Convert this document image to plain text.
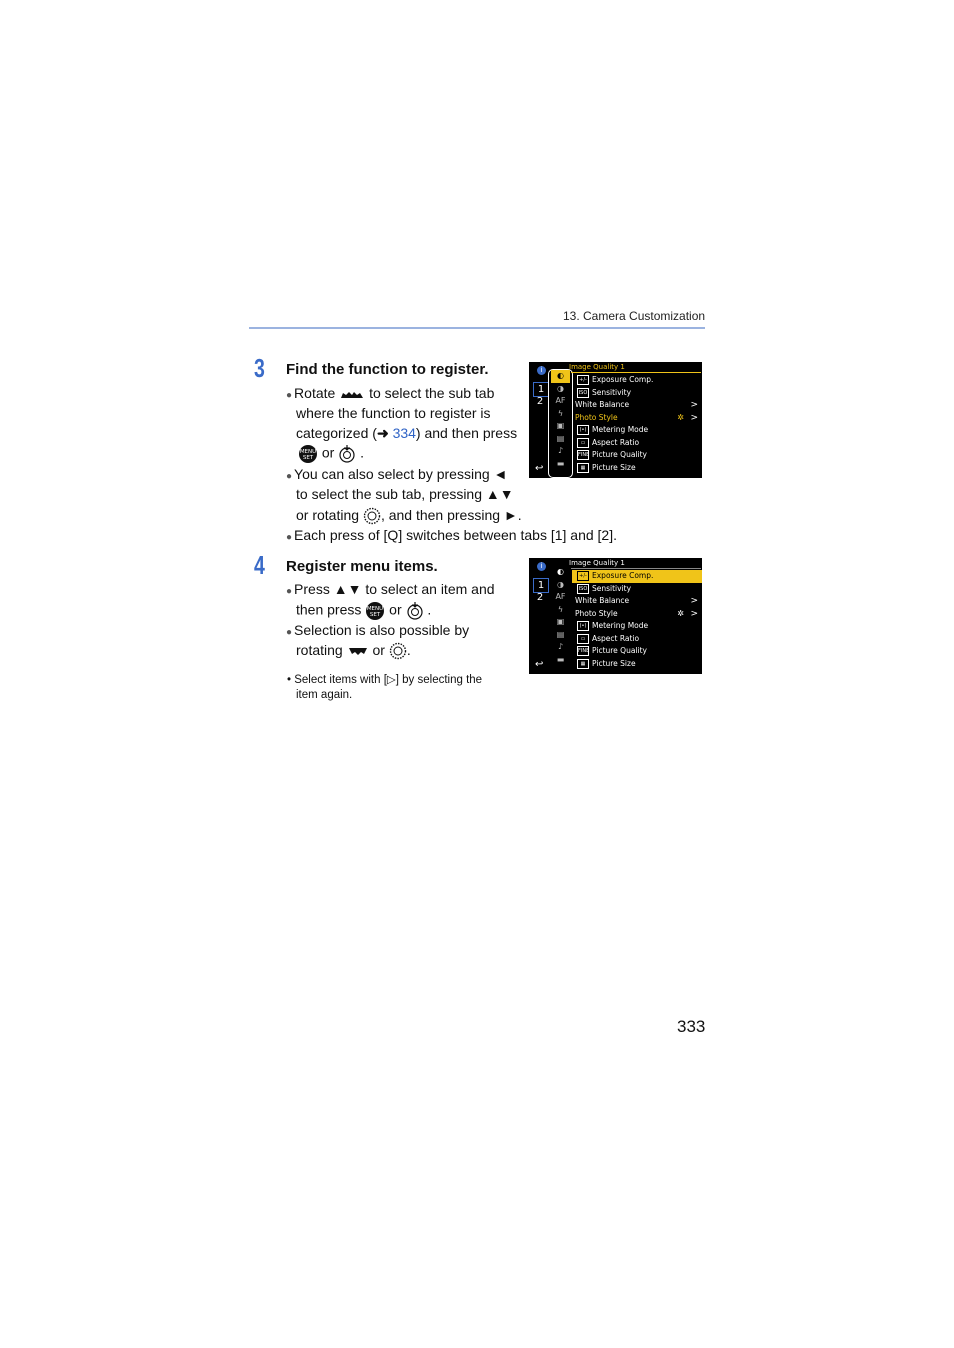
13. Camera Customization
3 Find the function to register.
● Rotate  to select the sub tab
where the function to register is
categorized (➜ 334) and then press
MENU
SET or  .
● You can also select by pressing ◄
to select the sub tab, pressing ▲▼
or rotating , and then pressing ►.
● Each press of [Q] switches between tabs [1] and [2].
i
1
2
◐
◑
AF
ϟ
▣
▤
♪
▬
Image Quality 1
+/- Exposure Comp.
ISO Sensitivity
White Balance	>
Photo Style	✲ >
(•) Metering Mode
▭ Aspect Ratio
FINE Picture Quality
▦ Picture Size
↩
4 Register menu items.
● Press ▲▼ to select an item and
then press MENU
SET or  .
● Selection is also possible by
rotating  or .
• Select items with [▷] by selecting the
item again.
i
1
2
◐
◑
AF
ϟ
▣
▤
♪
▬
Image Quality 1
+/- Exposure Comp.
ISO Sensitivity
White Balance	>
Photo Style	✲ >
(•) Metering Mode
▭ Aspect Ratio
FINE Picture Quality
▦ Picture Size
↩
333
